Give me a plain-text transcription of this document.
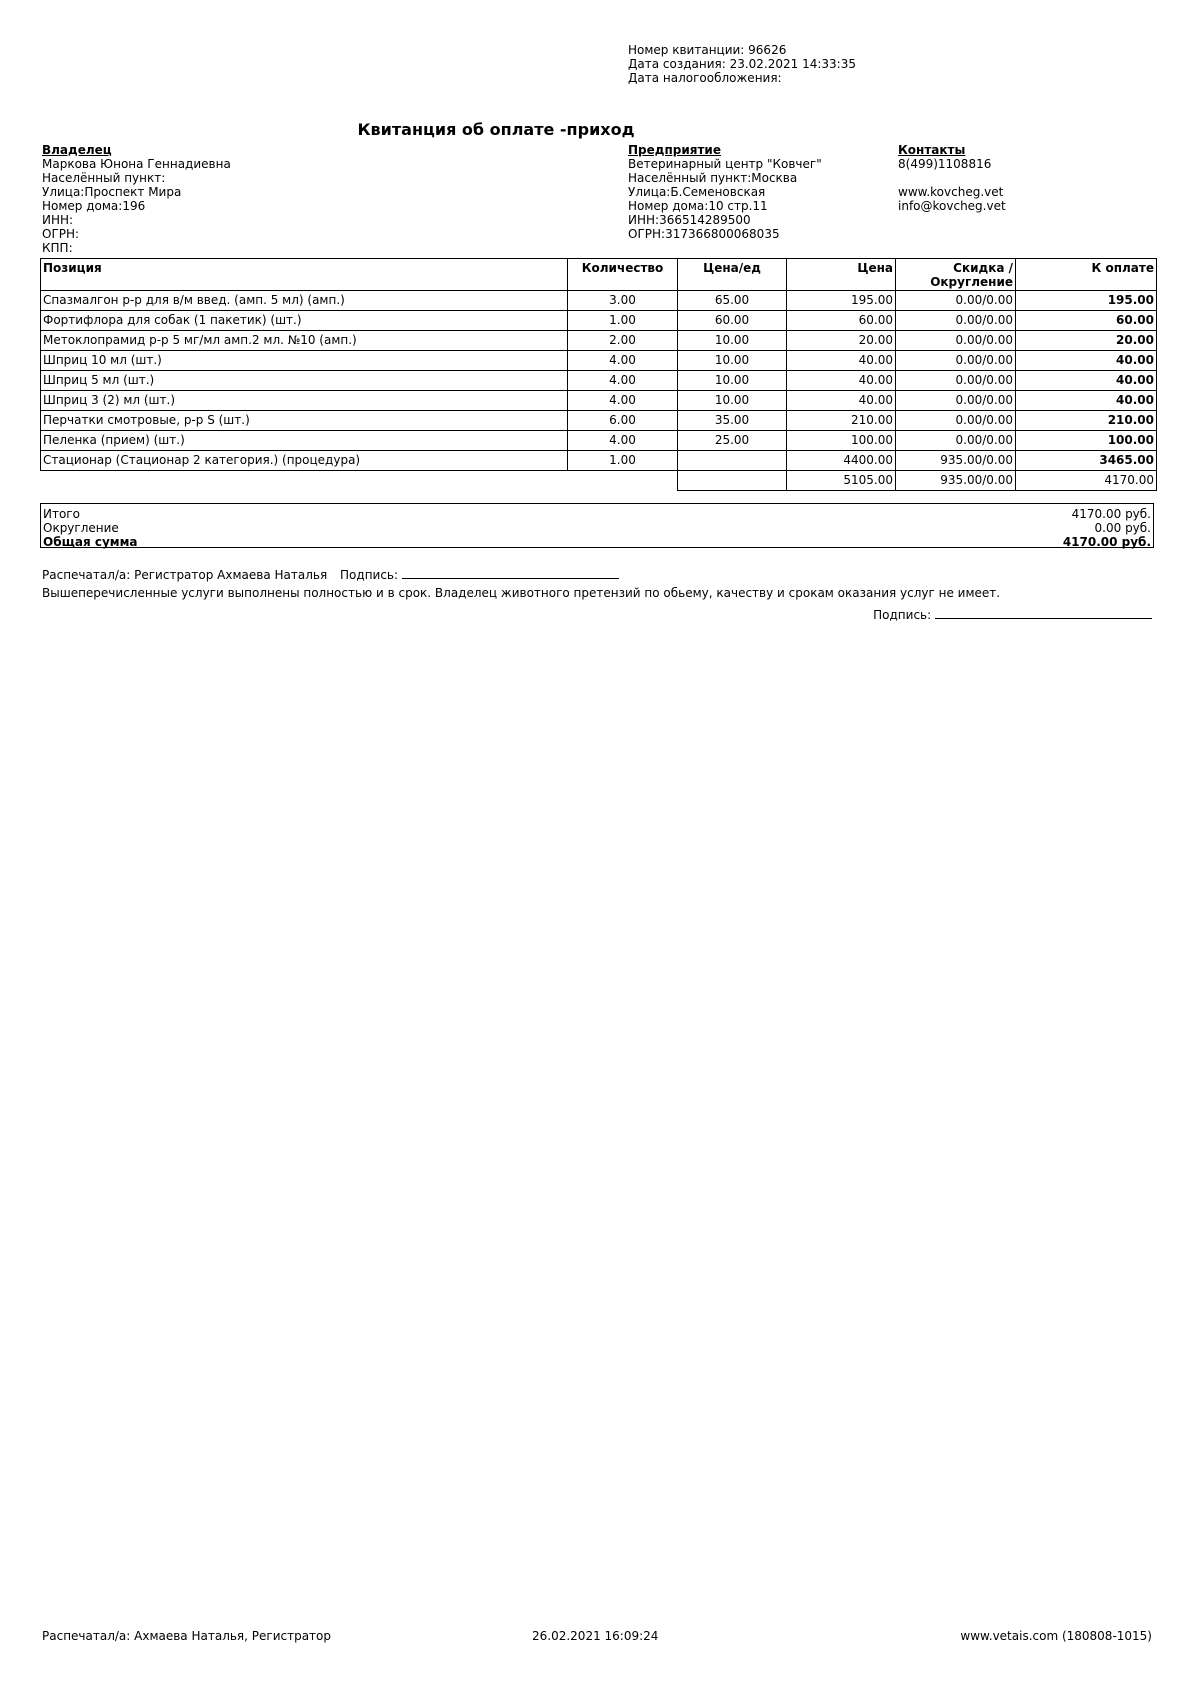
Номер квитанции: 96626
Дата создания: 23.02.2021 14:33:35
Дата налогообложения:
Квитанция об оплате -приход
Владелец
Маркова Юнона Геннадиевна
Населённый пункт:
Улица:Проспект Мира
Номер дома:196
ИНН:
ОГРН:
КПП:
Предприятие
Ветеринарный центр "Ковчег"
Населённый пункт:Москва
Улица:Б.Семеновская
Номер дома:10 стр.11
ИНН:366514289500
ОГРН:317366800068035
Контакты
8(499)1108816
www.kovcheg.vet
info@kovcheg.vet
Позиция	Количество	Цена/ед	Цена	Скидка /
Округление	К оплате
Спазмалгон р-р для в/м введ. (амп. 5 мл) (амп.)	3.00	65.00	195.00	0.00/0.00	195.00
Фортифлора для собак (1 пакетик) (шт.)	1.00	60.00	60.00	0.00/0.00	60.00
Метоклопрамид р-р 5 мг/мл амп.2 мл. №10 (амп.)	2.00	10.00	20.00	0.00/0.00	20.00
Шприц 10 мл (шт.)	4.00	10.00	40.00	0.00/0.00	40.00
Шприц 5 мл (шт.)	4.00	10.00	40.00	0.00/0.00	40.00
Шприц 3 (2) мл (шт.)	4.00	10.00	40.00	0.00/0.00	40.00
Перчатки смотровые, р-р S (шт.)	6.00	35.00	210.00	0.00/0.00	210.00
Пеленка (прием) (шт.)	4.00	25.00	100.00	0.00/0.00	100.00
Стационар (Стационар 2 категория.) (процедура)	1.00		4400.00	935.00/0.00	3465.00
			5105.00	935.00/0.00	4170.00
Итого	4170.00 руб.
Округление	0.00 руб.
Общая сумма	4170.00 руб.
Распечатал/а: Регистратор Ахмаева Наталья Подпись:
Вышеперечисленные услуги выполнены полностью и в срок. Владелец животного претензий по обьему, качеству и срокам оказания услуг не имеет.
Подпись:
Распечатал/а: Ахмаева Наталья, Регистратор	26.02.2021 16:09:24	www.vetais.com (180808-1015)
